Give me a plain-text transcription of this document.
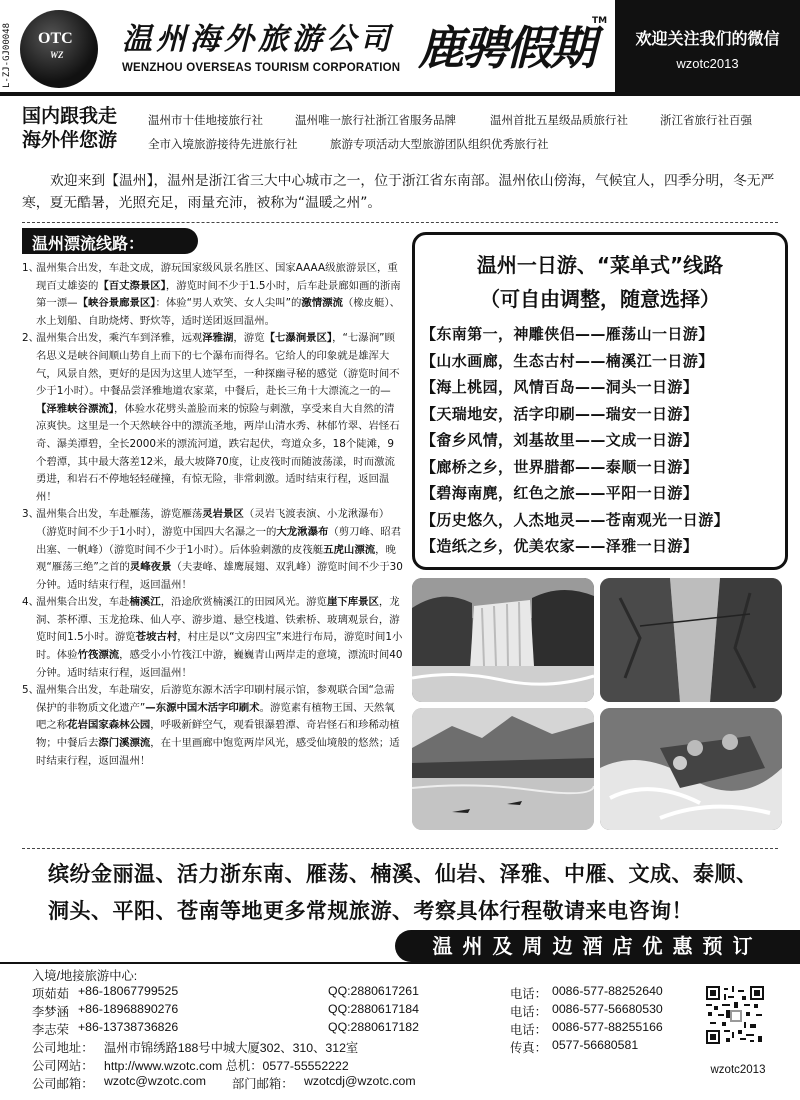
L-ZJ-GJ00048 OTC
WZ 温州海外旅游公司
WENZHOU OVERSEAS TOURISM CORPORATION 鹿骋假期
TM
欢迎关注我们的微信
wzotc2013
国内跟我走
海外伴您游
温州市十佳地接旅行社	温州唯一旅行社浙江省服务品牌	温州首批五星级品质旅行社	浙江省旅行社百强
全市入境旅游接待先进旅行社	旅游专项活动大型旅游团队组织优秀旅行社
欢迎来到【温州】，温州是浙江省三大中心城市之一，位于浙江省东南部。温州依山傍海，气候宜人，四季分明，冬无严寒，夏无酷暑，光照充足，雨量充沛，被称为“温暖之州”。
温州漂流线路：
1、
温州集合出发，车赴文成，游玩国家级风景名胜区、国家AAAA级旅游景区，重现百丈雄姿的【百丈漈景区】，游览时间不少于1.5小时，后车赴景廊如画的浙南第一漂—【峡谷景廊景区】：体验“男人欢笑、女人尖叫”的激情漂流（橡皮艇）、水上划船、自助烧烤、野炊等，适时送团返回温州。
2、
温州集合出发，乘汽车到泽雅，远观泽雅湖，游览【七瀑涧景区】，“七瀑涧”顾名思义是峡谷间顺山势自上而下的七个瀑布而得名。它给人的印象就是雄浑大气，风景自然，更好的是因为这里人迹罕至，一种探幽寻秘的感觉（游览时间不少于1小时）。中餐品尝泽雅地道农家菜，中餐后，赴长三角十大漂流之一的—【泽雅峡谷漂流】，体验水花劈头盖脸而来的惊险与刺激，享受来自大自然的清凉爽快。这里是一个天然峡谷中的漂流圣地，两岸山清水秀、林郁竹翠、岩怪石奇、瀑美潭碧，全长2000米的漂流河道，跌宕起伏，弯道众多，18个陡滩，9个碧潭，其中最大落差12米，最大坡降70度，让皮筏时而随波荡漾，时而激流勇进，和岩石不停地轻轻碰撞，有惊无险，非常刺激。适时结束行程，返回温州！
3、
温州集合出发，车赴雁荡，游览雁荡灵岩景区（灵岩飞渡表演、小龙湫瀑布）（游览时间不少于1小时），游览中国四大名瀑之一的大龙湫瀑布（剪刀峰、昭君出塞、一帆峰）（游览时间不少于1小时）。后体验刺激的皮筏艇五虎山漂流，晚观“雁荡三绝”之首的灵峰夜景（夫妻峰、雄鹰展翅、双乳峰）游览时间不少于30分钟。适时结束行程，返回温州！
4、
温州集合出发，车赴楠溪江，沿途欣赏楠溪江的田园风光。游览崖下库景区，龙洞、茶杯潭、玉龙抢珠、仙人亭、游步道、悬空栈道、铁索桥、玻璃观景台，游览时间1.5小时。游览苍坡古村，村庄是以“文房四宝”来进行布局，游览时间1小时。体验竹筏漂流，感受小小竹筏江中游，巍巍青山两岸走的意境，漂流时间40分钟。适时结束行程，返回温州！
5、
温州集合出发，车赴瑞安，后游览东源木活字印刷村展示馆，参观联合国“急需保护的非物质文化遗产”—东源中国木活字印刷术。游览素有植物王国、天然氧吧之称花岩国家森林公园，呼吸新鲜空气，观看银瀑碧潭、奇岩怪石和珍稀动植物；中餐后去漈门溪漂流，在十里画廊中饱览两岸风光，感受仙境般的悠然；适时结束行程，返回温州！
温州一日游、“菜单式”线路
（可自由调整，随意选择）
【东南第一，神雕侠侣——雁荡山一日游】
【山水画廊，生态古村——楠溪江一日游】
【海上桃园，风情百岛——洞头一日游】
【天瑞地安，活字印刷——瑞安一日游】
【畲乡风情，刘基故里——文成一日游】
【廊桥之乡，世界腊都——泰顺一日游】
【碧海南麂，红色之旅——平阳一日游】
【历史悠久，人杰地灵——苍南观光一日游】
【造纸之乡，优美农家——泽雅一日游】
缤纷金丽温、活力浙东南、雁荡、楠溪、仙岩、泽雅、中雁、文成、泰顺、
洞头、平阳、苍南等地更多常规旅游、考察具体行程敬请来电咨询！
温州及周边酒店优惠预订
入境/地接旅游中心:
项茹茹 +86-18067799525	QQ:2880617261	电话： 0086-577-88252640
李梦涵 +86-18968890276	QQ:2880617184	电话： 0086-577-56680530
李志荣 +86-13738736826	QQ:2880617182	电话： 0086-577-88255166
公司地址： 温州市锦绣路188号中城大厦302、310、312室	传真： 0577-56680581
公司网站： http://www.wzotc.com 总机：0577-55552222
公司邮箱： wzotc@wzotc.com 部门邮箱： wzotcdj@wzotc.com
wzotc2013
